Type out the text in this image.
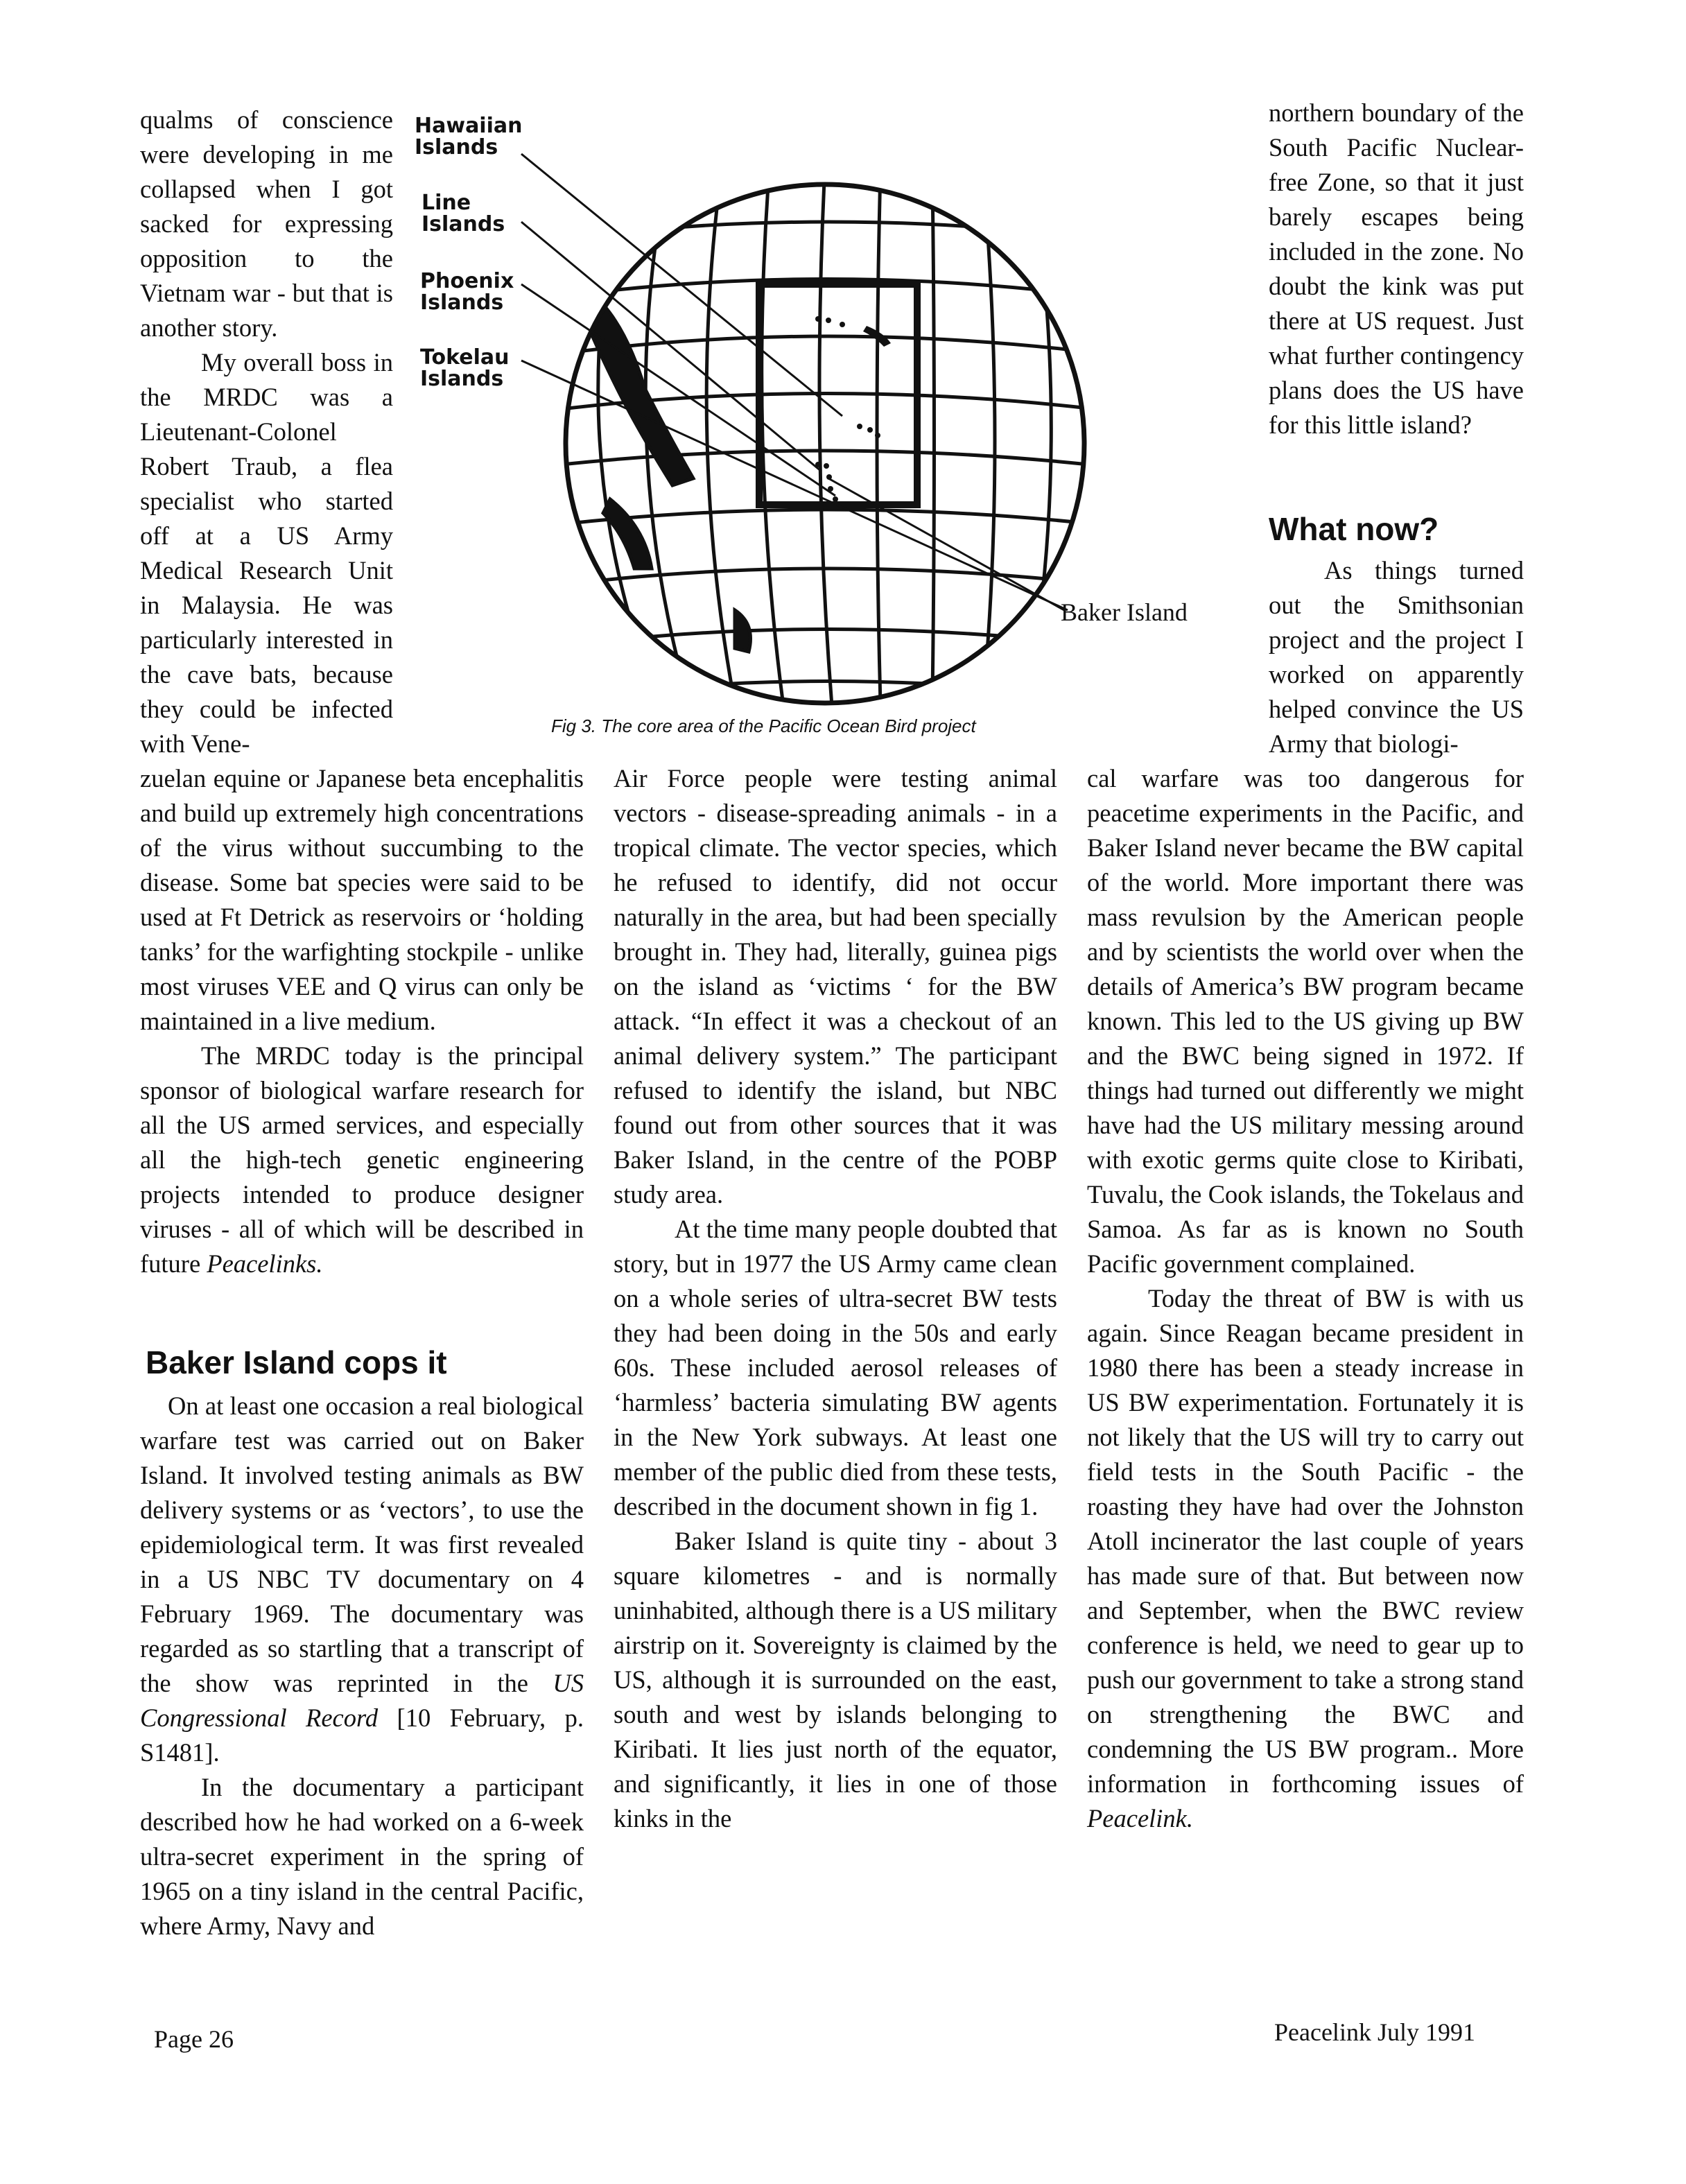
qualms of conscience were developing in me collapsed when I got sacked for expressing opposition to the Vietnam war - but that is another story.

My overall boss in the MRDC was a Lieutenant-Colonel Robert Traub, a flea specialist who started off at a US Army Medical Research Unit in Malaysia. He was particularly interested in the cave bats, because they could be infected with Vene-

Hawaiian Islands
Line Islands
Phoenix Islands
Tokelau Islands
Baker Island
Fig 3. The core area of the Pacific Ocean Bird project

zuelan equine or Japanese beta encephalitis and build up extremely high concentrations of the virus without succumbing to the disease. Some bat species were said to be used at Ft Detrick as reservoirs or ‘holding tanks’ for the warfighting stockpile - unlike most viruses VEE and Q virus can only be maintained in a live medium.

The MRDC today is the principal sponsor of biological warfare research for all the US armed services, and especially all the high-tech genetic engineering projects intended to produce designer viruses - all of which will be described in future Peacelinks.

Baker Island cops it

On at least one occasion a real biological warfare test was carried out on Baker Island. It involved testing animals as BW delivery systems or as ‘vectors’, to use the epidemiological term. It was first revealed in a US NBC TV documentary on 4 February 1969. The documentary was regarded as so startling that a transcript of the show was reprinted in the US Congressional Record [10 February, p. S1481].

In the documentary a participant described how he had worked on a 6-week ultra-secret experiment in the spring of 1965 on a tiny island in the central Pacific, where Army, Navy and

Air Force people were testing animal vectors - disease-spreading animals - in a tropical climate. The vector species, which he refused to identify, did not occur naturally in the area, but had been specially brought in. They had, literally, guinea pigs on the island as ‘victims ‘ for the BW attack. “In effect it was a checkout of an animal delivery system.” The participant refused to identify the island, but NBC found out from other sources that it was Baker Island, in the centre of the POBP study area.

At the time many people doubted that story, but in 1977 the US Army came clean on a whole series of ultra-secret BW tests they had been doing in the 50s and early 60s. These included aerosol releases of ‘harmless’ bacteria simulating BW agents in the New York subways. At least one member of the public died from these tests, described in the document shown in fig 1.

Baker Island is quite tiny - about 3 square kilometres - and is normally uninhabited, although there is a US military airstrip on it. Sovereignty is claimed by the US, although it is surrounded on the east, south and west by islands belonging to Kiribati. It lies just north of the equator, and significantly, it lies in one of those kinks in the

northern boundary of the South Pacific Nuclear-free Zone, so that it just barely escapes being included in the zone. No doubt the kink was put there at US request. Just what further contingency plans does the US have for this little island?

What now?

As things turned out the Smithsonian project and the project I worked on apparently helped convince the US Army that biologi-

cal warfare was too dangerous for peacetime experiments in the Pacific, and Baker Island never became the BW capital of the world. More important there was mass revulsion by the American people and by scientists the world over when the details of America’s BW program became known. This led to the US giving up BW and the BWC being signed in 1972. If things had turned out differently we might have had the US military messing around with exotic germs quite close to Kiribati, Tuvalu, the Cook islands, the Tokelaus and Samoa. As far as is known no South Pacific government complained.

Today the threat of BW is with us again. Since Reagan became president in 1980 there has been a steady increase in US BW experimentation. Fortunately it is not likely that the US will try to carry out field tests in the South Pacific - the roasting they have had over the Johnston Atoll incinerator the last couple of years has made sure of that. But between now and September, when the BWC review conference is held, we need to gear up to push our government to take a strong stand on strengthening the BWC and condemning the US BW program.. More information in forthcoming issues of Peacelink.

Page 26	Peacelink July 1991
